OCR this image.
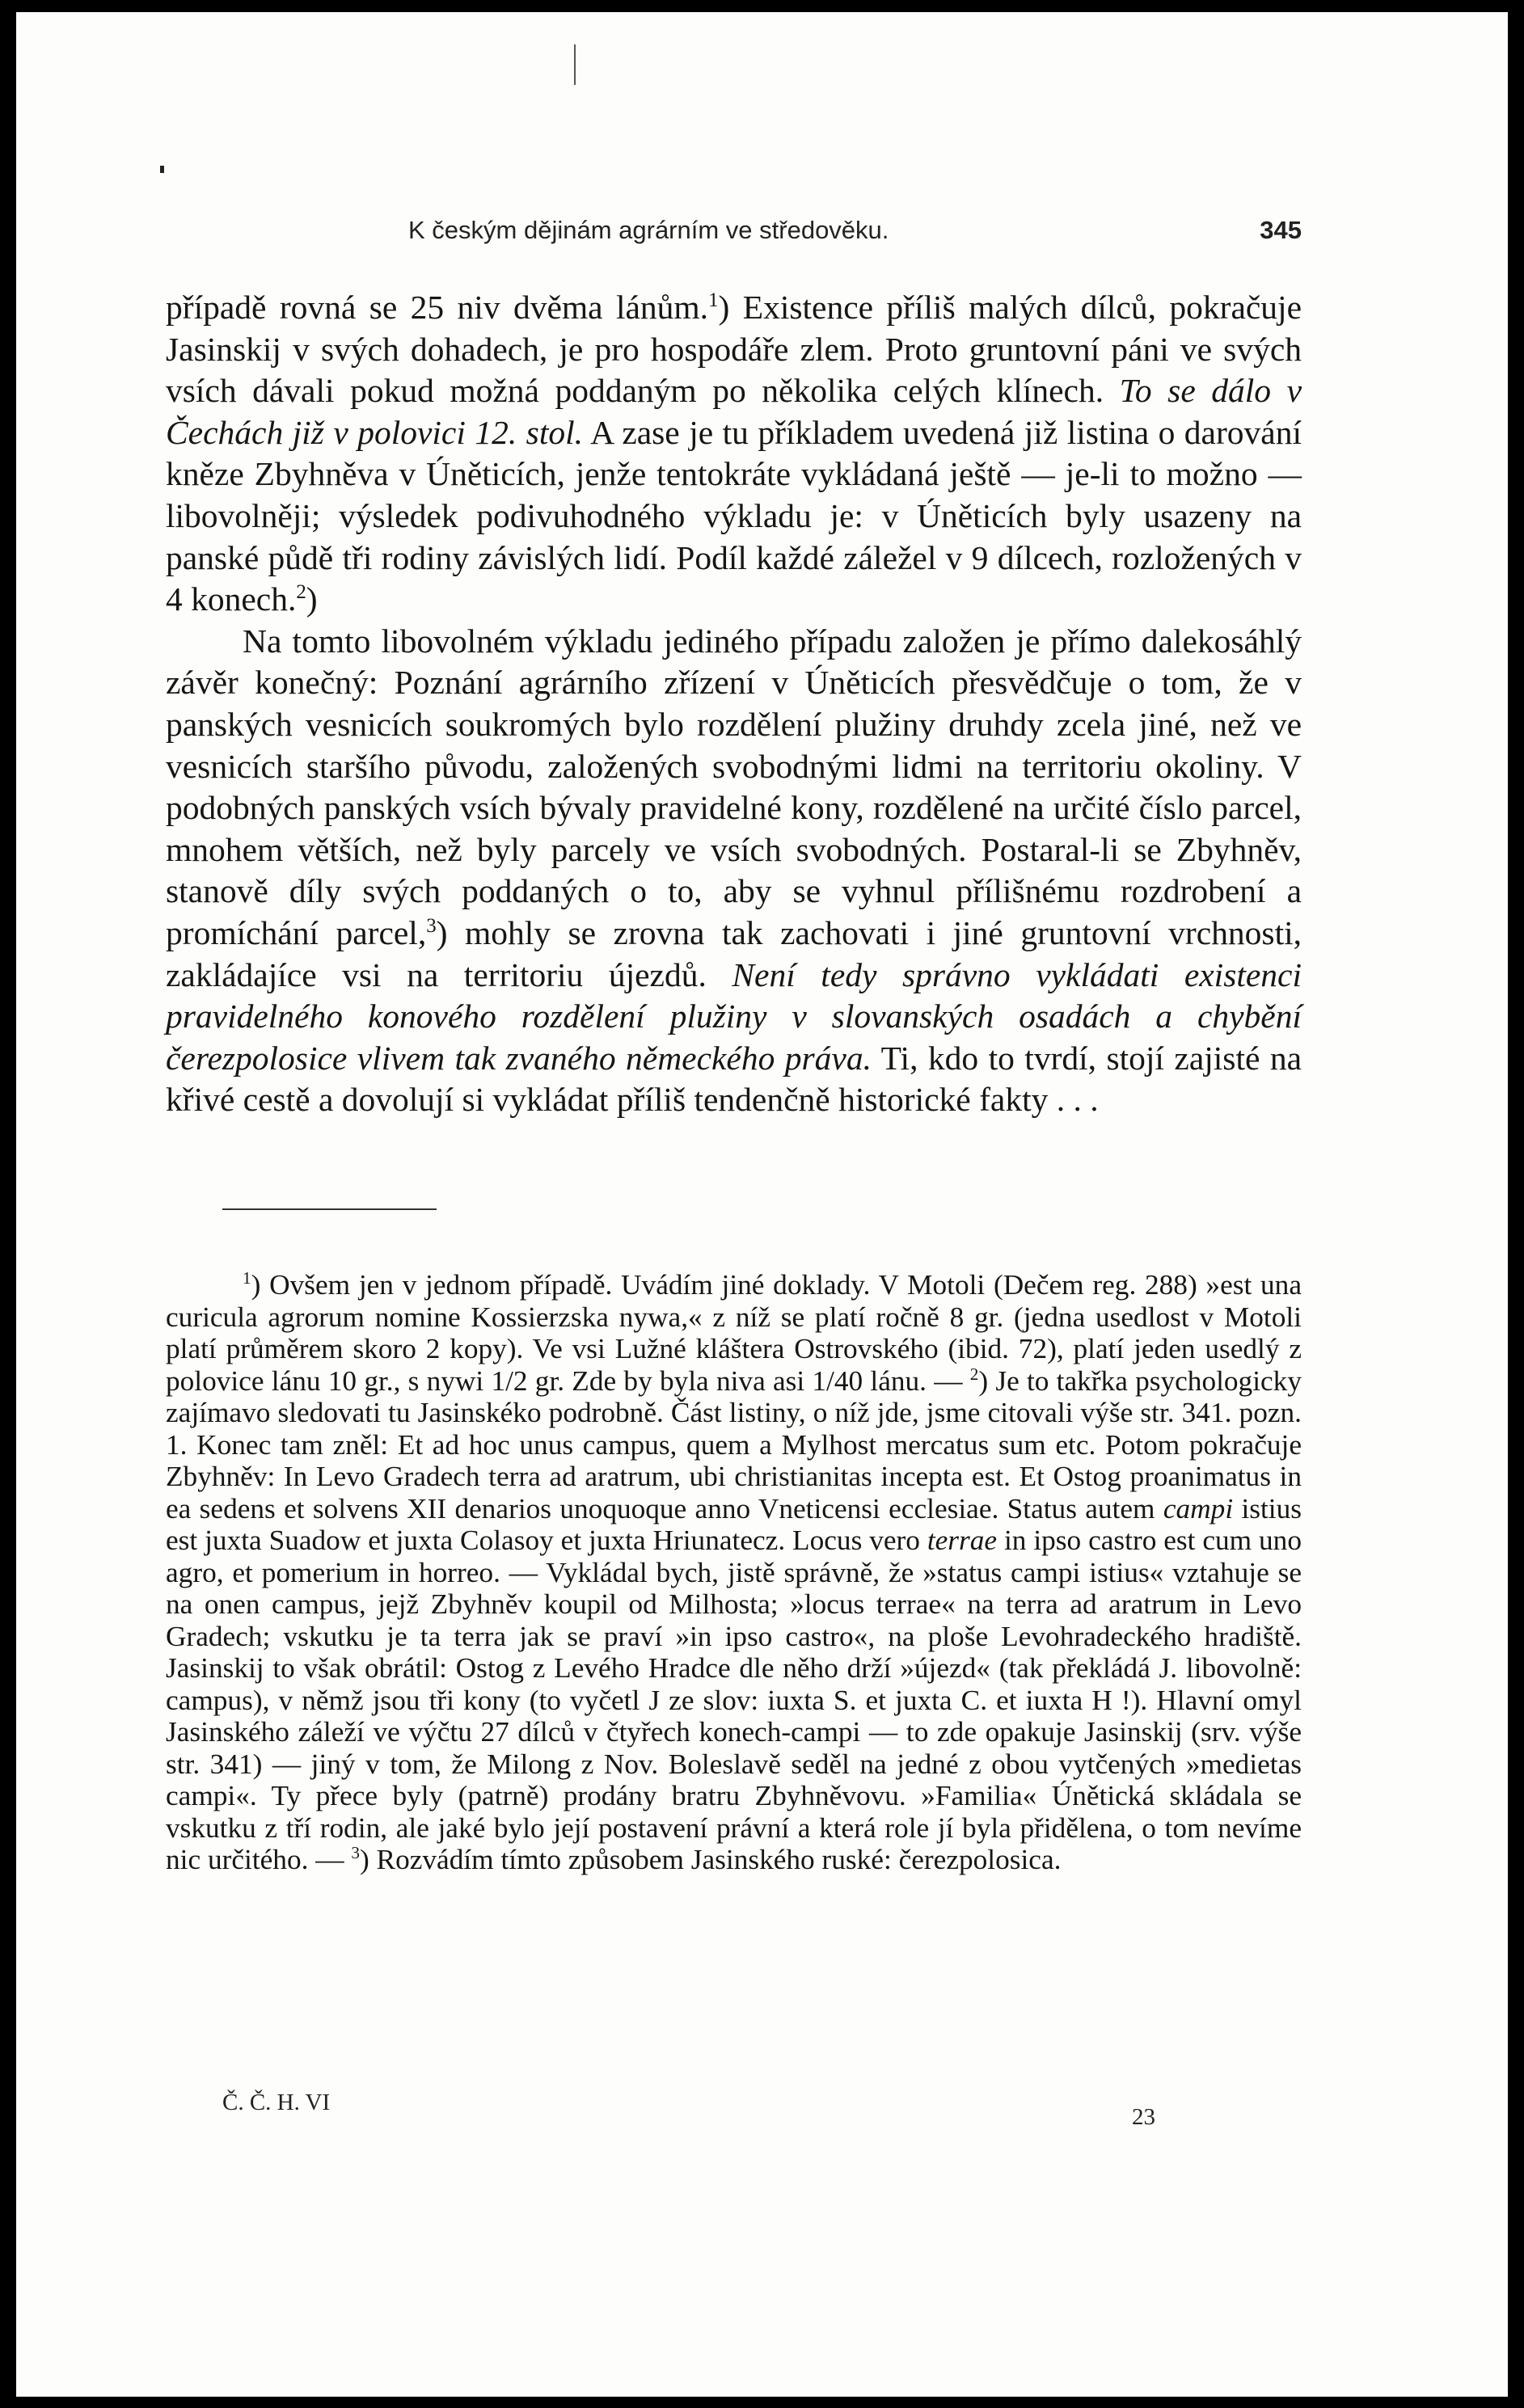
K českým dějinám agrárním ve středověku.	345

případě rovná se 25 niv dvěma lánům.$^1$) Existence příliš malých dílců, pokračuje Jasinskij v svých dohadech, je pro hospodáře zlem. Proto gruntovní páni ve svých vsích dávali pokud možná poddaným po několika celých klínech. To se dálo v Čechách již v polovici 12. stol. A zase je tu příkladem uvedená již listina o darování kněze Zbyhněva v Úněticích, jenže tentokráte vykládaná ještě — je-li to možno — libovolněji; výsledek podivuhodného výkladu je: v Úněticích byly usazeny na panské půdě tři rodiny závislých lidí. Podíl každé záležel v 9 dílcech, rozložených v 4 konech.$^2$)

Na tomto libovolném výkladu jediného případu založen je přímo dalekosáhlý závěr konečný: Poznání agrárního zřízení v Úněticích přesvědčuje o tom, že v panských vesnicích soukromých bylo rozdělení plužiny druhdy zcela jiné, než ve vesnicích staršího původu, založených svobodnými lidmi na territoriu okoliny. V podobných panských vsích bývaly pravidelné kony, rozdělené na určité číslo parcel, mnohem větších, než byly parcely ve vsích svobodných. Postaral-li se Zbyhněv, stanově díly svých poddaných o to, aby se vyhnul přílišnému rozdrobení a promíchání parcel,$^3$) mohly se zrovna tak zachovati i jiné gruntovní vrchnosti, zakládajíce vsi na territoriu újezdů. Není tedy správno vykládati existenci pravidelného konového rozdělení plužiny v slovanských osadách a chybění čerezpolosice vlivem tak zvaného německého práva. Ti, kdo to tvrdí, stojí zajisté na křivé cestě a dovolují si vykládat příliš tendenčně historické fakty . . .

$^1$) Ovšem jen v jednom případě. Uvádím jiné doklady. V Motoli (Dečem reg. 288) »est una curicula agrorum nomine Kossierzska nywa,« z níž se platí ročně 8 gr. (jedna usedlost v Motoli platí průměrem skoro 2 kopy). Ve vsi Lužné kláštera Ostrovského (ibid. 72), platí jeden usedlý z polovice lánu 10 gr., s nywi 1/2 gr. Zde by byla niva asi 1/40 lánu. — $^2$) Je to takřka psychologicky zajímavo sledovati tu Jasinskéko podrobně. Část listiny, o níž jde, jsme citovali výše str. 341. pozn. 1. Konec tam zněl: Et ad hoc unus campus, quem a Mylhost mercatus sum etc. Potom pokračuje Zbyhněv: In Levo Gradech terra ad aratrum, ubi christianitas incepta est. Et Ostog proanimatus in ea sedens et solvens XII denarios unoquoque anno Vneticensi ecclesiae. Status autem campi istius est juxta Suadow et juxta Colasoy et juxta Hriunatecz. Locus vero terrae in ipso castro est cum uno agro, et pomerium in horreo. — Vykládal bych, jistě správně, že »status campi istius« vztahuje se na onen campus, jejž Zbyhněv koupil od Milhosta; »locus terrae« na terra ad aratrum in Levo Gradech; vskutku je ta terra jak se praví »in ipso castro«, na ploše Levohradeckého hradiště. Jasinskij to však obrátil: Ostog z Levého Hradce dle něho drží »újezd« (tak překládá J. libovolně: campus), v němž jsou tři kony (to vyčetl J ze slov: iuxta S. et juxta C. et iuxta H !). Hlavní omyl Jasinského záleží ve výčtu 27 dílců v čtyřech konech-campi — to zde opakuje Jasinskij (srv. výše str. 341) — jiný v tom, že Milong z Nov. Boleslavě seděl na jedné z obou vytčených »medietas campi«. Ty přece byly (patrně) prodány bratru Zbyhněvovu. »Familia« Únětická skládala se vskutku z tří rodin, ale jaké bylo její postavení právní a která role jí byla přidělena, o tom nevíme nic určitého. — $^3$) Rozvádím tímto způsobem Jasinského ruské: čerezpolosica.

Č. Č. H. VI
23
